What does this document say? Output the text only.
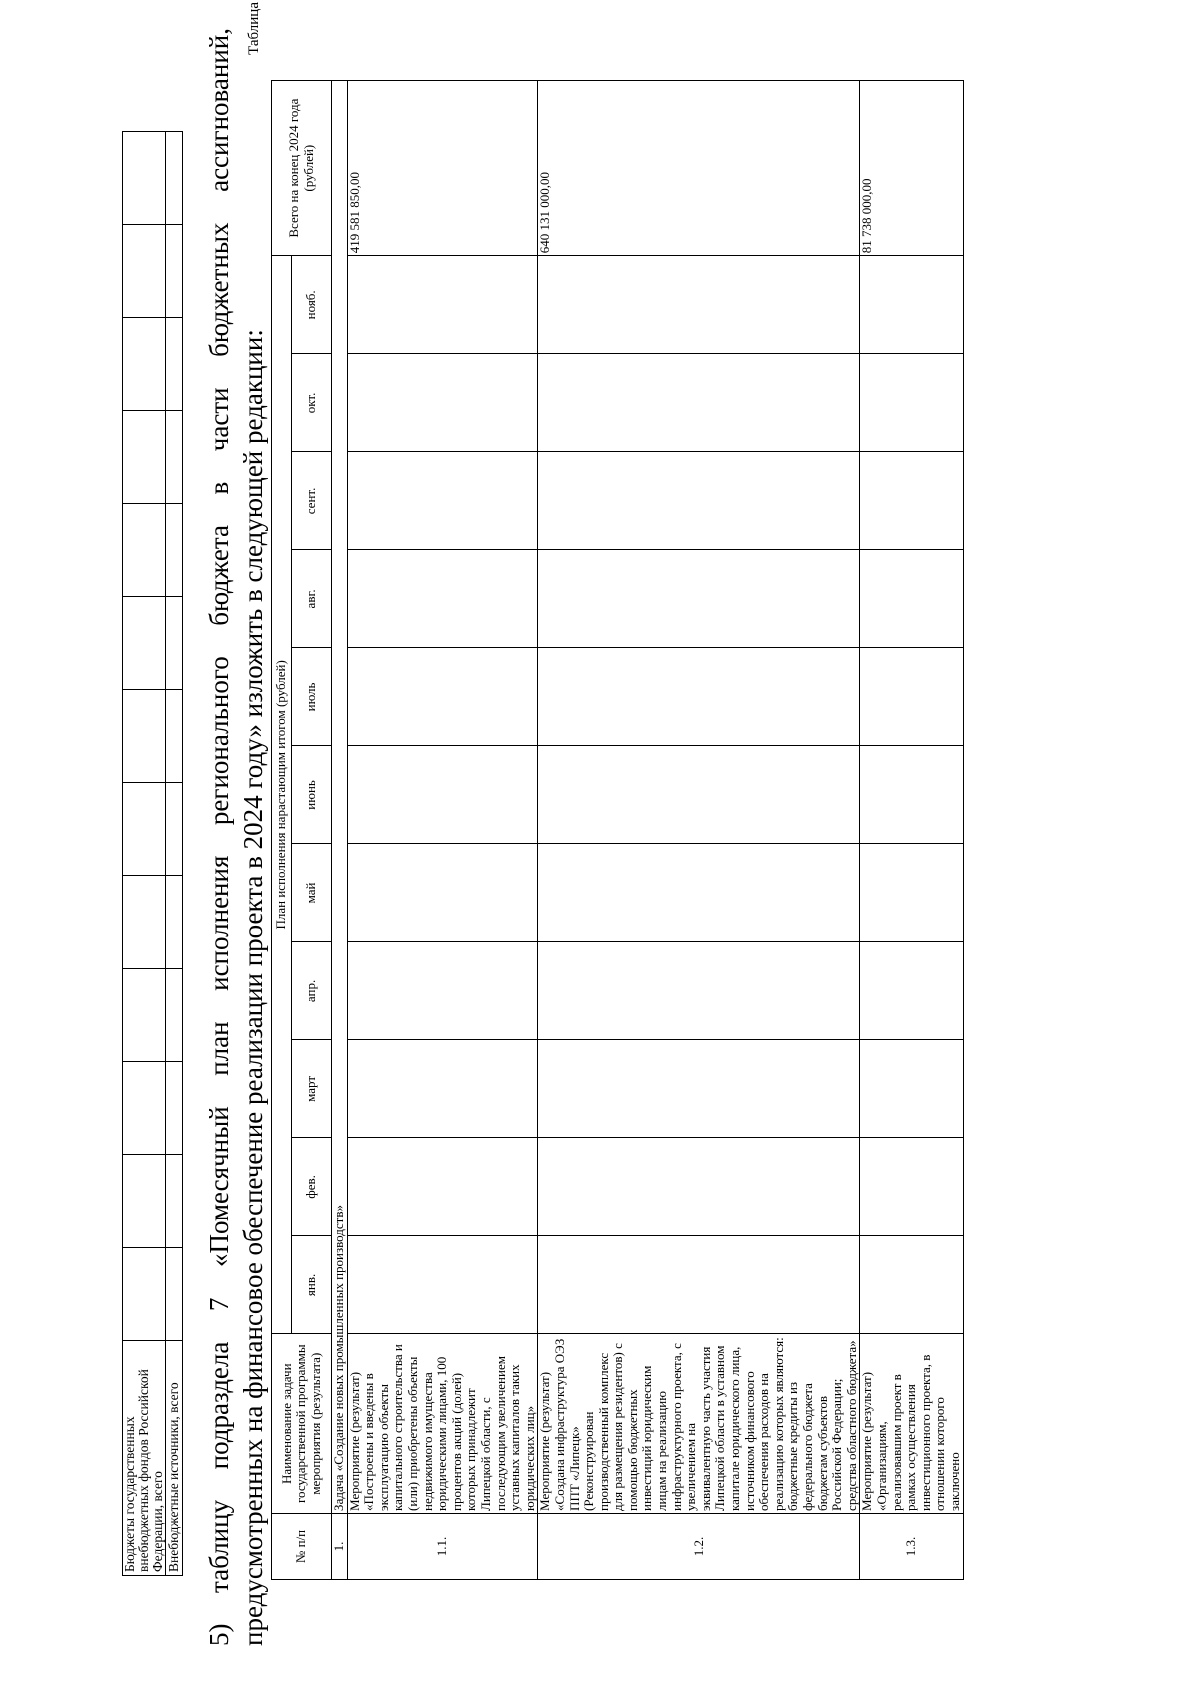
Бюджеты государственных внебюджетных фондов Российской Федерации, всего													
Внебюджетные источники, всего													5) таблицу подраздела 7 «Помесячный план исполнения регионального бюджета в части бюджетных ассигнований, предусмотренных на финансовое обеспечение реализации проекта в 2024 году» изложить в следующей редакции:
Таблица
№ п/п	Наименование задачи государственной программы мероприятия (результата)	План исполнения нарастающим итогом (рублей)											Всего на конец 2024 года (рублей)
		янв.	фев.	март	апр.	май	июнь	июль	авг.	сент.	окт.	нояб.	
1.	Задача «Создание новых промышленных производств»												
1.1.	Мероприятие (результат) «Построены и введены в эксплуатацию объекты капитального строительства и (или) приобретены объекты недвижимого имущества юридическими лицами, 100 процентов акций (долей) которых принадлежит Липецкой области, с последующим увеличением уставных капиталов таких юридических лиц»												419 581 850,00
1.2.	Мероприятие (результат) «Создана инфраструктура ОЭЗ ППТ «Липецк» (Реконструирован производственный комплекс для размещения резидентов) с помощью бюджетных инвестиций юридическим лицам на реализацию инфраструктурного проекта, с увеличением на эквивалентную часть участия Липецкой области в уставном капитале юридического лица, источником финансового обеспечения расходов на реализацию которых являются: бюджетные кредиты из федерального бюджета бюджетам субъектов Российской Федерации; средства областного бюджета»												640 131 000,00
1.3.	Мероприятие (результат) «Организациям, реализовавшим проект в рамках осуществления инвестиционного проекта, в отношении которого заключено												81 738 000,00
